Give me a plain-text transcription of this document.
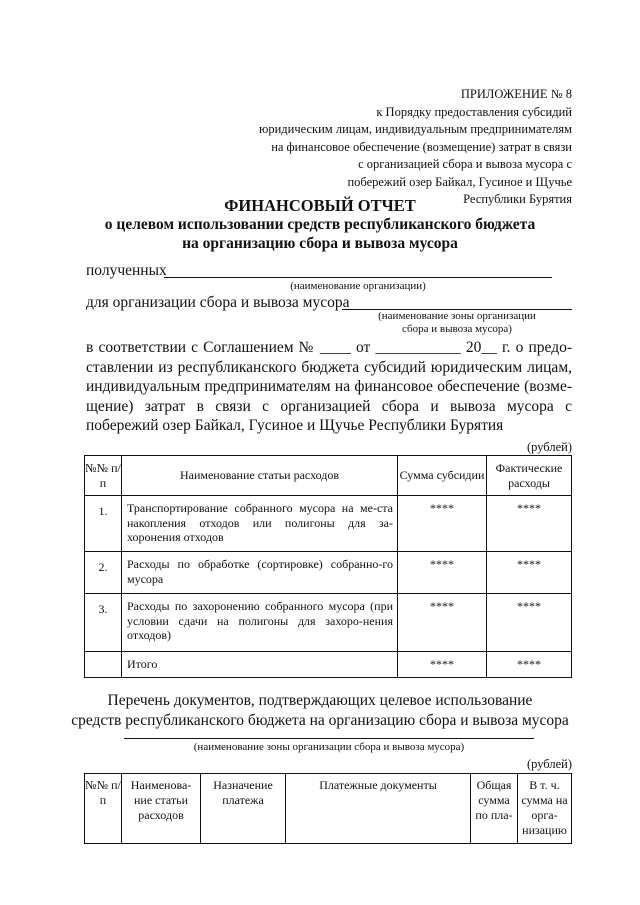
ПРИЛОЖЕНИЕ № 8
к Порядку предоставления субсидий
юридическим лицам, индивидуальным предпринимателям
на финансовое обеспечение (возмещение) затрат в связи
с организацией сбора и вывоза мусора с
побережий озер Байкал, Гусиное и Щучье
Республики Бурятия
ФИНАНСОВЫЙ ОТЧЕТ
о целевом использовании средств республиканского бюджета
на организацию сбора и вывоза мусора
полученных
(наименование организации)
для организации сбора и вывоза мусора
(наименование зоны организации
сбора и вывоза мусора)
в соответствии с Соглашением № ____ от ___________ 20__ г. о предо-ставлении из республиканского бюджета субсидий юридическим лицам, индивидуальным предпринимателям на финансовое обеспечение (возме-щение) затрат в связи с организацией сбора и вывоза мусора с побережий озер Байкал, Гусиное и Щучье Республики Бурятия
(рублей)
№№ п/п	Наименование статьи расходов	Сумма субсидии	Фактические расходы
1.	Транспортирование собранного мусора на ме-ста накопления отходов или полигоны для за-хоронения отходов	****	****
2.	Расходы по обработке (сортировке) собранно-го мусора	****	****
3.	Расходы по захоронению собранного мусора (при условии сдачи на полигоны для захоро-нения отходов)	****	****
	Итого	****	****
Перечень документов, подтверждающих целевое использование
средств республиканского бюджета на организацию сбора и вывоза мусора
(наименование зоны организации сбора и вывоза мусора)
(рублей)
№№ п/п	Наименова-ние статьи расходов	Назначение платежа	Платежные документы	Общая сумма по пла-	В т. ч. сумма на орга-низацию
